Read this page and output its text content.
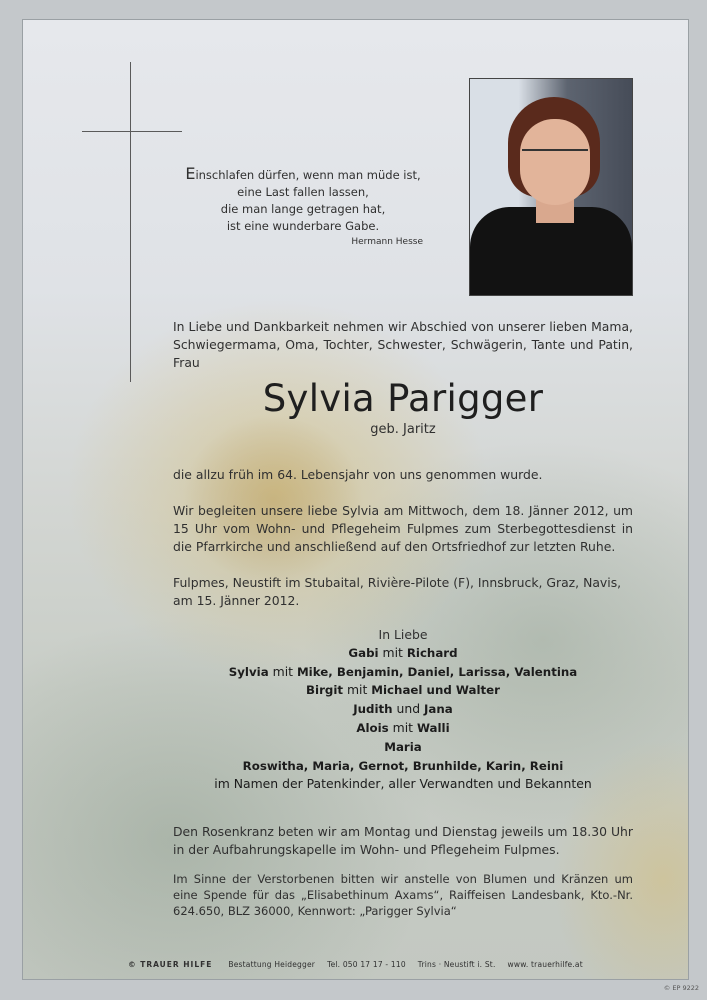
Einschlafen dürfen, wenn man müde ist,
eine Last fallen lassen,
die man lange getragen hat,
ist eine wunderbare Gabe.
Hermann Hesse
In Liebe und Dankbarkeit nehmen wir Abschied von unserer lieben Mama, Schwiegermama, Oma, Tochter, Schwester, Schwägerin, Tante und Patin, Frau
Sylvia Parigger
geb. Jaritz
die allzu früh im 64. Lebensjahr von uns genommen wurde.
Wir begleiten unsere liebe Sylvia am Mittwoch, dem 18. Jänner 2012, um 15 Uhr vom Wohn- und Pflegeheim Fulpmes zum Sterbegottesdienst in die Pfarrkirche und anschließend auf den Ortsfriedhof zur letzten Ruhe.
Fulpmes, Neustift im Stubaital, Rivière-Pilote (F), Innsbruck, Graz, Navis, am 15. Jänner 2012.
In Liebe
Gabi mit Richard
Sylvia mit Mike, Benjamin, Daniel, Larissa, Valentina
Birgit mit Michael und Walter
Judith und Jana
Alois mit Walli
Maria
Roswitha, Maria, Gernot, Brunhilde, Karin, Reini
im Namen der Patenkinder, aller Verwandten und Bekannten
Den Rosenkranz beten wir am Montag und Dienstag jeweils um 18.30 Uhr in der Aufbahrungskapelle im Wohn- und Pflegeheim Fulpmes.
Im Sinne der Verstorbenen bitten wir anstelle von Blumen und Kränzen um eine Spende für das „Elisabethinum Axams“, Raiffeisen Landesbank, Kto.-Nr. 624.650, BLZ 36000, Kennwort: „Parigger Sylvia“
© TRAUER HILFE Bestattung Heidegger Tel. 050 17 17 - 110 Trins · Neustift i. St. www. trauerhilfe.at
© EP 9222
